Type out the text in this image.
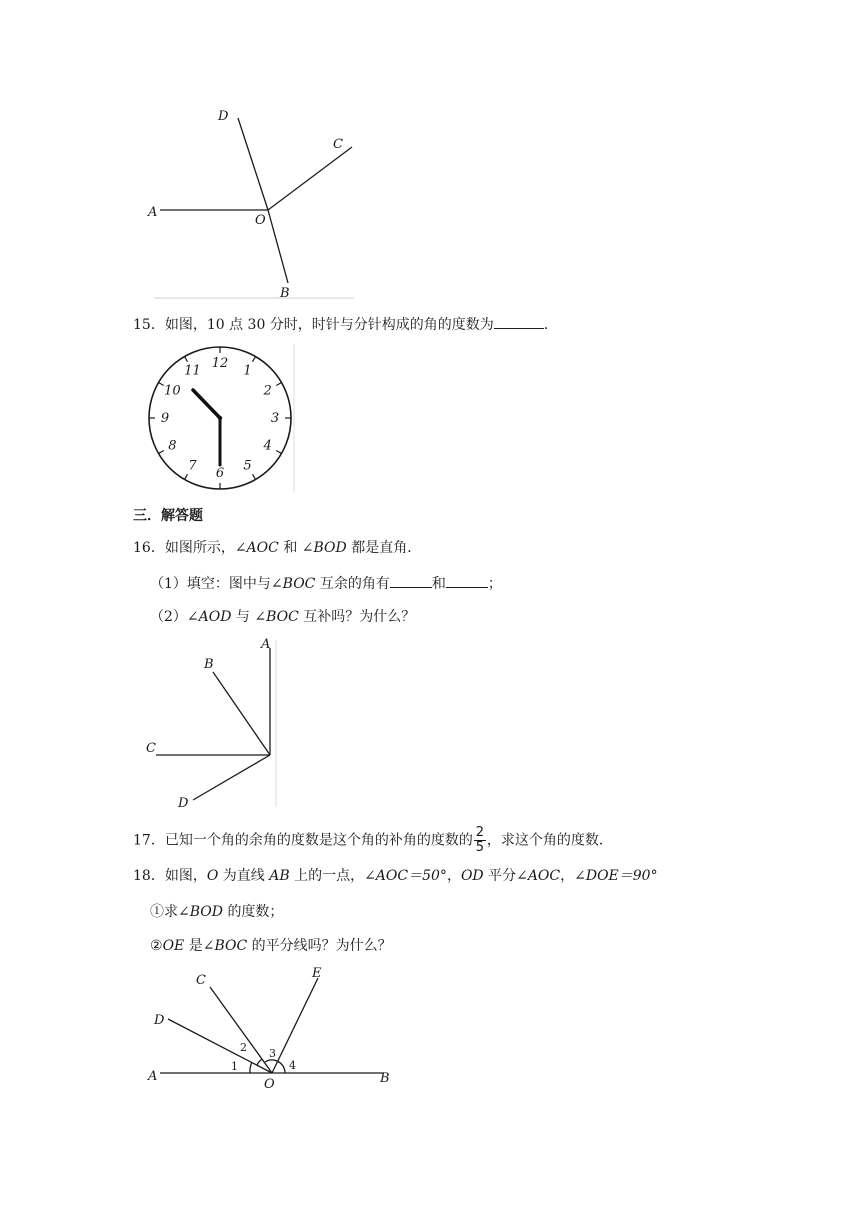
A
O
D
C
B
15．如图，10 点 30 分时，时针与分针构成的角的度数为	．
12 1
2
3
4
5
6
7
8
9
10
11
三．解答题
16．如图所示，∠AOC 和 ∠BOD 都是直角．
（1）填空：图中与∠BOC 互余的角有	和	；
（2）∠AOD 与 ∠BOC 互补吗？为什么？
A
B
C
D
17．已知一个角的余角的度数是这个角的补角的度数的 $\frac{2}{5}$ ，求这个角的度数．
18．如图，O 为直线 AB 上的一点，∠AOC＝50°，OD 平分∠AOC，∠DOE＝90°
①求∠BOD 的度数；
②OE 是∠BOC 的平分线吗？为什么？
A
O	B
D
C	E
1
2 3
4
